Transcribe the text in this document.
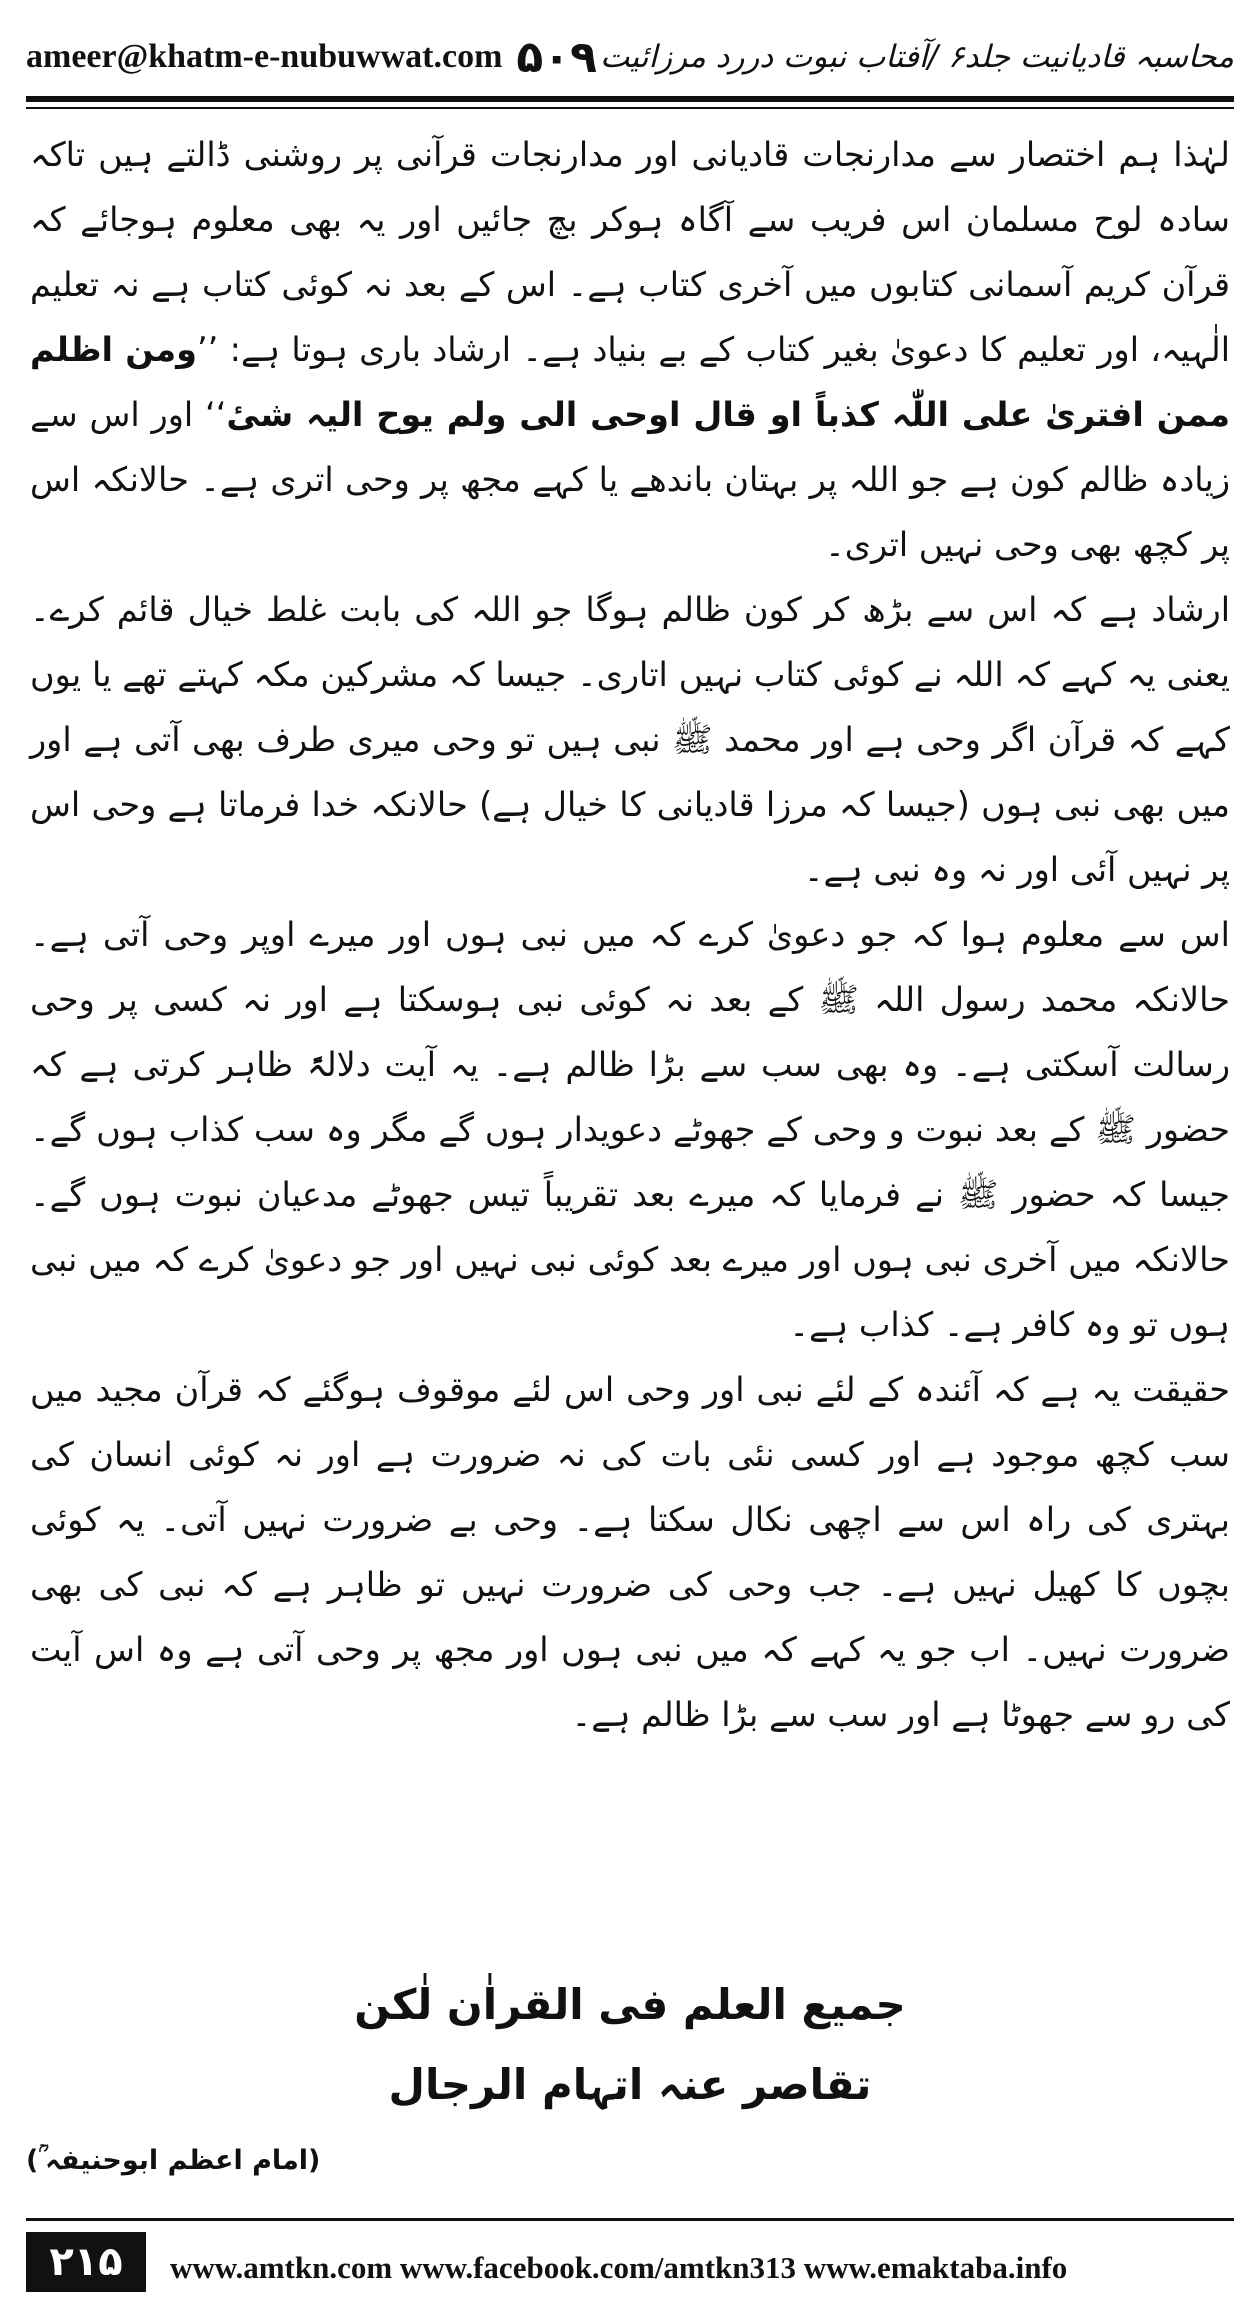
ameer@khatm-e-nubuwwat.com ۵۰۹ محاسبہ قادیانیت جلد۶ /آفتاب نبوت دررد مرزائیت

لہٰذا ہم اختصار سے مدارنجات قادیانی اور مدارنجات قرآنی پر روشنی ڈالتے ہیں تاکہ سادہ لوح مسلمان اس فریب سے آگاہ ہوکر بچ جائیں اور یہ بھی معلوم ہوجائے کہ قرآن کریم آسمانی کتابوں میں آخری کتاب ہے۔ اس کے بعد نہ کوئی کتاب ہے نہ تعلیم الٰہیہ، اور تعلیم کا دعویٰ بغیر کتاب کے بے بنیاد ہے۔ ارشاد باری ہوتا ہے: ’’ومن اظلم ممن افتریٰ علی اللّٰہ کذباً او قال اوحی الی ولم یوح الیہ شیٔ‘‘ اور اس سے زیادہ ظالم کون ہے جو اللہ پر بہتان باندھے یا کہے مجھ پر وحی اتری ہے۔ حالانکہ اس پر کچھ بھی وحی نہیں اتری۔

ارشاد ہے کہ اس سے بڑھ کر کون ظالم ہوگا جو اللہ کی بابت غلط خیال قائم کرے۔ یعنی یہ کہے کہ اللہ نے کوئی کتاب نہیں اتاری۔ جیسا کہ مشرکین مکہ کہتے تھے یا یوں کہے کہ قرآن اگر وحی ہے اور محمد ﷺ نبی ہیں تو وحی میری طرف بھی آتی ہے اور میں بھی نبی ہوں (جیسا کہ مرزا قادیانی کا خیال ہے) حالانکہ خدا فرماتا ہے وحی اس پر نہیں آئی اور نہ وہ نبی ہے۔

اس سے معلوم ہوا کہ جو دعویٰ کرے کہ میں نبی ہوں اور میرے اوپر وحی آتی ہے۔ حالانکہ محمد رسول اللہ ﷺ کے بعد نہ کوئی نبی ہوسکتا ہے اور نہ کسی پر وحی رسالت آسکتی ہے۔ وہ بھی سب سے بڑا ظالم ہے۔ یہ آیت دلالۃً ظاہر کرتی ہے کہ حضور ﷺ کے بعد نبوت و وحی کے جھوٹے دعویدار ہوں گے مگر وہ سب کذاب ہوں گے۔ جیسا کہ حضور ﷺ نے فرمایا کہ میرے بعد تقریباً تیس جھوٹے مدعیان نبوت ہوں گے۔ حالانکہ میں آخری نبی ہوں اور میرے بعد کوئی نبی نہیں اور جو دعویٰ کرے کہ میں نبی ہوں تو وہ کافر ہے۔ کذاب ہے۔

حقیقت یہ ہے کہ آئندہ کے لئے نبی اور وحی اس لئے موقوف ہوگئے کہ قرآن مجید میں سب کچھ موجود ہے اور کسی نئی بات کی نہ ضرورت ہے اور نہ کوئی انسان کی بہتری کی راہ اس سے اچھی نکال سکتا ہے۔ وحی بے ضرورت نہیں آتی۔ یہ کوئی بچوں کا کھیل نہیں ہے۔ جب وحی کی ضرورت نہیں تو ظاہر ہے کہ نبی کی بھی ضرورت نہیں۔ اب جو یہ کہے کہ میں نبی ہوں اور مجھ پر وحی آتی ہے وہ اس آیت کی رو سے جھوٹا ہے اور سب سے بڑا ظالم ہے۔

جمیع العلم فی القراٰن لٰکن
تقاصر عنہ اتہام الرجال
(امام اعظم ابوحنیفہ ؒ)
۲۱۵	www.amtkn.com www.facebook.com/amtkn313 www.emaktaba.info
